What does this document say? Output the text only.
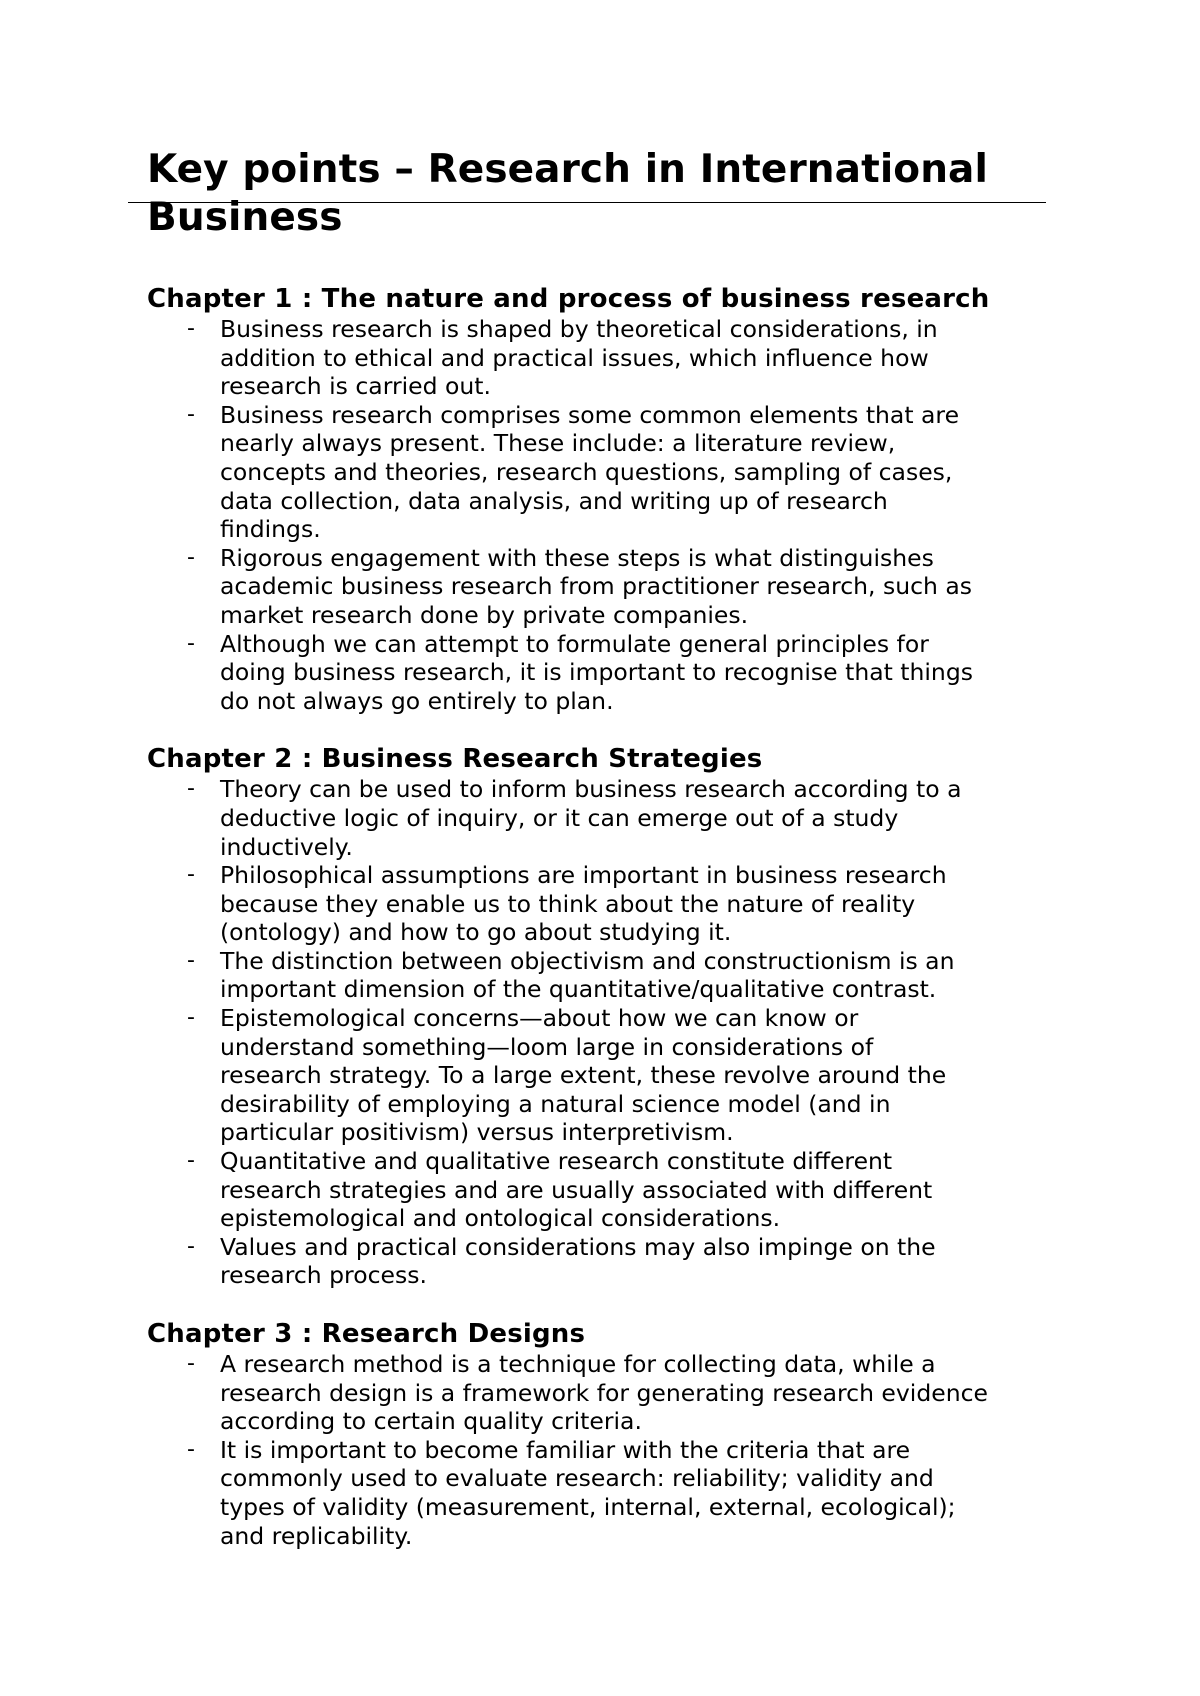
Key points – Research in International Business
Chapter 1 : The nature and process of business research
- Business research is shaped by theoretical considerations, in addition to ethical and practical issues, which influence how research is carried out.
- Business research comprises some common elements that are nearly always present. These include: a literature review, concepts and theories, research questions, sampling of cases, data collection, data analysis, and writing up of research findings.
- Rigorous engagement with these steps is what distinguishes academic business research from practitioner research, such as market research done by private companies.
- Although we can attempt to formulate general principles for doing business research, it is important to recognise that things do not always go entirely to plan.
Chapter 2 : Business Research Strategies
- Theory can be used to inform business research according to a deductive logic of inquiry, or it can emerge out of a study inductively.
- Philosophical assumptions are important in business research because they enable us to think about the nature of reality (ontology) and how to go about studying it.
- The distinction between objectivism and constructionism is an important dimension of the quantitative/qualitative contrast.
- Epistemological concerns—about how we can know or understand something—loom large in considerations of research strategy. To a large extent, these revolve around the desirability of employing a natural science model (and in particular positivism) versus interpretivism.
- Quantitative and qualitative research constitute different research strategies and are usually associated with different epistemological and ontological considerations.
- Values and practical considerations may also impinge on the research process.
Chapter 3 : Research Designs
- A research method is a technique for collecting data, while a research design is a framework for generating research evidence according to certain quality criteria.
- It is important to become familiar with the criteria that are commonly used to evaluate research: reliability; validity and types of validity (measurement, internal, external, ecological); and replicability.
